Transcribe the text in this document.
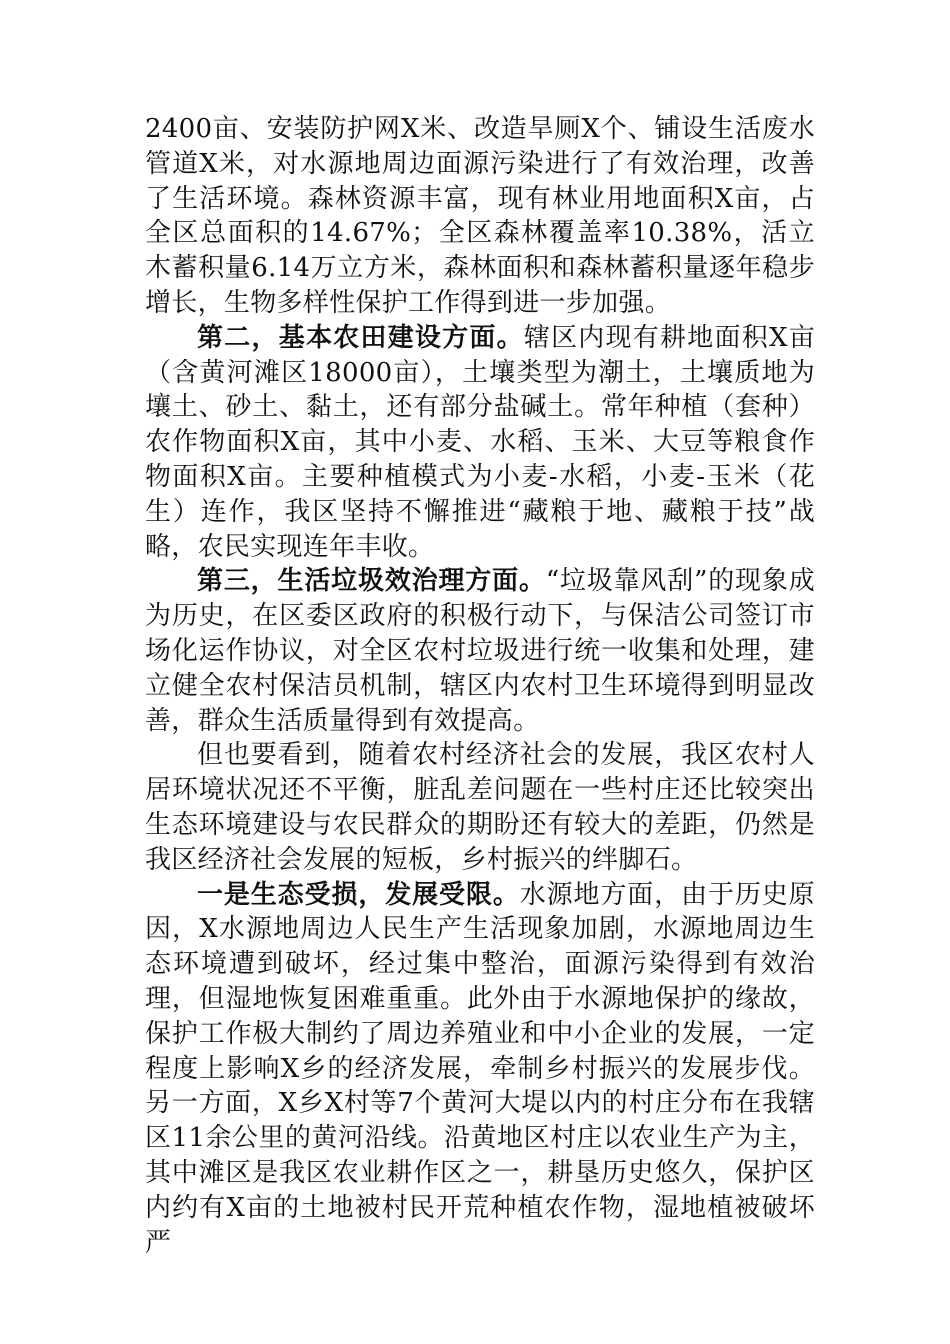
2400亩、安装防护网X米、改造旱厕X个、铺设生活废水管道X米，对水源地周边面源污染进行了有效治理，改善了生活环境。森林资源丰富，现有林业用地面积X亩，占全区总面积的14.67%；全区森林覆盖率10.38%，活立木蓄积量6.14万立方米，森林面积和森林蓄积量逐年稳步增长，生物多样性保护工作得到进一步加强。

第二，基本农田建设方面。辖区内现有耕地面积X亩（含黄河滩区18000亩），土壤类型为潮土，土壤质地为壤土、砂土、黏土，还有部分盐碱土。常年种植（套种）农作物面积X亩，其中小麦、水稻、玉米、大豆等粮食作物面积X亩。主要种植模式为小麦-水稻，小麦-玉米（花生）连作，我区坚持不懈推进“藏粮于地、藏粮于技”战略，农民实现连年丰收。

第三，生活垃圾效治理方面。“垃圾靠风刮”的现象成为历史，在区委区政府的积极行动下，与保洁公司签订市场化运作协议，对全区农村垃圾进行统一收集和处理，建立健全农村保洁员机制，辖区内农村卫生环境得到明显改善，群众生活质量得到有效提高。

但也要看到，随着农村经济社会的发展，我区农村人居环境状况还不平衡，脏乱差问题在一些村庄还比较突出生态环境建设与农民群众的期盼还有较大的差距，仍然是我区经济社会发展的短板，乡村振兴的绊脚石。

一是生态受损，发展受限。水源地方面，由于历史原因，X水源地周边人民生产生活现象加剧，水源地周边生态环境遭到破坏，经过集中整治，面源污染得到有效治理，但湿地恢复困难重重。此外由于水源地保护的缘故，保护工作极大制约了周边养殖业和中小企业的发展，一定程度上影响X乡的经济发展，牵制乡村振兴的发展步伐。另一方面，X乡X村等7个黄河大堤以内的村庄分布在我辖区11余公里的黄河沿线。沿黄地区村庄以农业生产为主，其中滩区是我区农业耕作区之一，耕垦历史悠久，保护区内约有X亩的土地被村民开荒种植农作物，湿地植被破坏严
